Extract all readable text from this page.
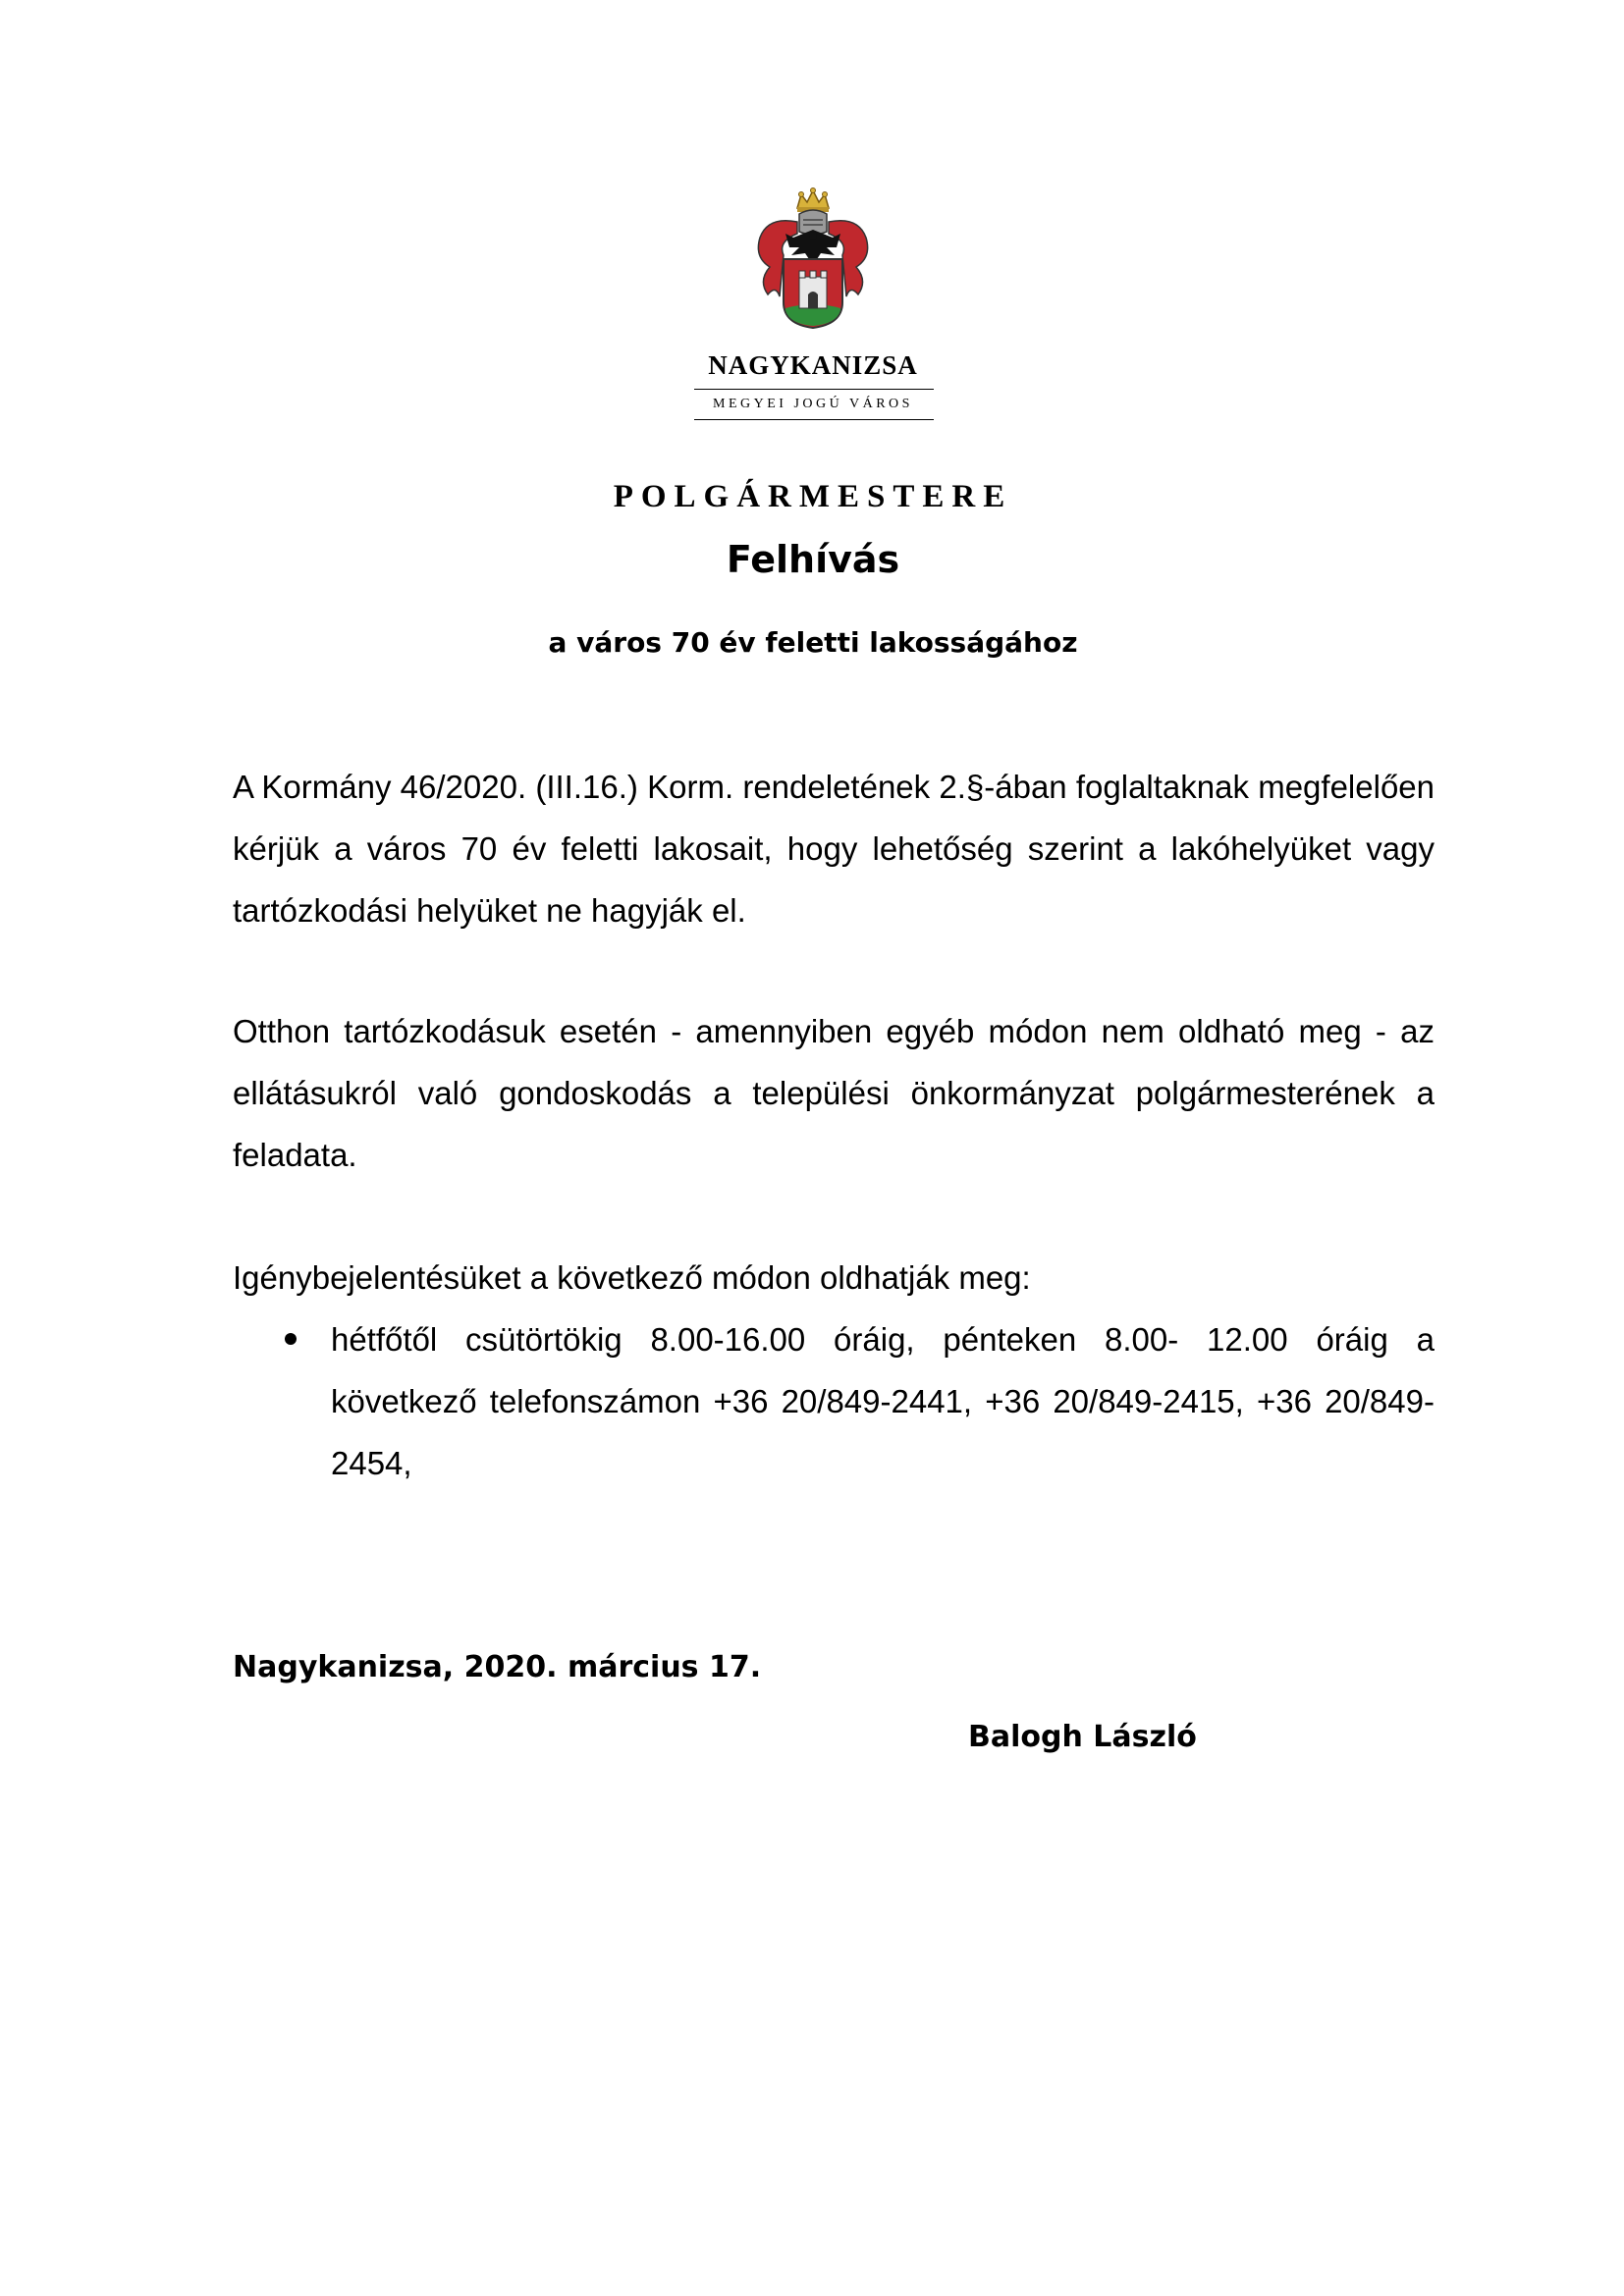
NAGYKANIZSA
MEGYEI JOGÚ VÁROS
POLGÁRMESTERE
Felhívás
a város 70 év feletti lakosságához

A Kormány 46/2020. (III.16.) Korm. rendeletének 2.§-ában foglaltaknak megfelelően kérjük a város 70 év feletti lakosait, hogy lehetőség szerint a lakóhelyüket vagy tartózkodási helyüket ne hagyják el.

Otthon tartózkodásuk esetén - amennyiben egyéb módon nem oldható meg - az ellátásukról való gondoskodás a települési önkormányzat polgármesterének a feladata.

Igénybejelentésüket a következő módon oldhatják meg:

hétfőtől csütörtökig 8.00-16.00 óráig, pénteken 8.00- 12.00 óráig a következő telefonszámon +36 20/849-2441, +36 20/849-2415, +36 20/849-2454,
Nagykanizsa, 2020. március 17.
Balogh László
